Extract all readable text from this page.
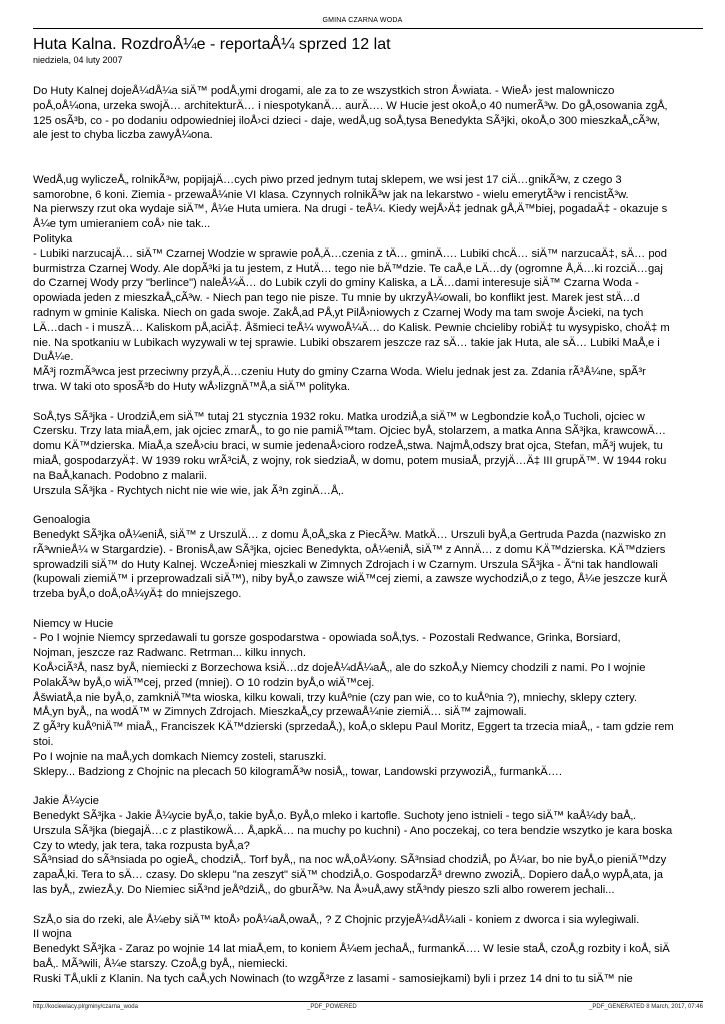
GMINA CZARNA WODA
Huta Kalna. RozdroÅ¼e - reportaÅ¼ sprzed 12 lat
niedziela, 04 luty 2007
Do Huty Kalnej dojeÅ¼dÅ¼a siÄ™ podÅ‚ymi drogami, ale za to ze wszystkich stron Å›wiata. - WieÅ› jest malowniczo
poÅ‚oÅ¼ona, urzeka swojÄ… architekturÄ… i niespotykanÄ… aurÄ…. W Hucie jest okoÅ‚o 40 numerÃ³w. Do gÅ‚osowania zgÅ‚
125 osÃ³b, co - po dodaniu odpowiedniej iloÅ›ci dzieci - daje, wedÅ‚ug soÅ‚tysa Benedykta SÃ³jki, okoÅ‚o 300 mieszkaÅ„cÃ³w,
ale jest to chyba liczba zawyÅ¼ona.
WedÅ‚ug wyliczeÅ„ rolnikÃ³w, popijajÄ…cych piwo przed jednym tutaj sklepem, we wsi jest 17 ciÄ…gnikÃ³w, z czego 3
samorobne, 6 koni. Ziemia - przewaÅ¼nie VI klasa. Czynnych rolnikÃ³w jak na lekarstwo - wielu emerytÃ³w i rencistÃ³w.
Na pierwszy rzut oka wydaje siÄ™, Å¼e Huta umiera. Na drugi - teÅ¼. Kiedy wejÅ›Ä‡ jednak gÅ‚Ä™biej, pogadaÄ‡ - okazuje s
Å¼e tym umieraniem coÅ› nie tak...
Polityka
- Lubiki narzucajÄ… siÄ™ Czarnej Wodzie w sprawie poÅ‚Ä…czenia z tÄ… gminÄ…. Lubiki chcÄ… siÄ™ narzucaÄ‡, sÄ… pod
burmistrza Czarnej Wody. Ale dopÃ³ki ja tu jestem, z HutÄ… tego nie bÄ™dzie. Te caÅ‚e LÄ…dy (ogromne Å‚Ä…ki rozciÄ…gaj
do Czarnej Wody przy "berlince") naleÅ¼Ä… do Lubik czyli do gminy Kaliska, a LÄ…dami interesuje siÄ™ Czarna Woda -
opowiada jeden z mieszkaÅ„cÃ³w. - Niech pan tego nie pisze. Tu mnie by ukrzyÅ¼owali, bo konflikt jest. Marek jest stÄ…d
radnym w gminie Kaliska. Niech on gada swoje. ZakÅ‚ad PÅ‚yt PilÅ›niowych z Czarnej Wody ma tam swoje Å›cieki, na tych
LÄ…dach - i muszÄ… Kaliskom pÅ‚aciÄ‡. Åšmieci teÅ¼ wywoÅ¼Ä… do Kalisk. Pewnie chcieliby robiÄ‡ tu wysypisko, choÄ‡ m
nie. Na spotkaniu w Lubikach wyzywali w tej sprawie. Lubiki obszarem jeszcze raz sÄ… takie jak Huta, ale sÄ… Lubiki MaÅ‚e i
DuÅ¼e.
MÃ³j rozmÃ³wca jest przeciwny przyÅ‚Ä…czeniu Huty do gminy Czarna Woda. Wielu jednak jest za. Zdania rÃ³Å¼ne, spÃ³r
trwa. W taki oto sposÃ³b do Huty wÅ›lizgnÄ™Å‚a siÄ™ polityka.
SoÅ‚tys SÃ³jka - UrodziÅ‚em siÄ™ tutaj 21 stycznia 1932 roku. Matka urodziÅ‚a siÄ™ w Legbondzie koÅ‚o Tucholi, ojciec w
Czersku. Trzy lata miaÅ‚em, jak ojciec zmarÅ‚, to go nie pamiÄ™tam. Ojciec byÅ‚ stolarzem, a matka Anna SÃ³jka, krawcowÄ…
domu KÄ™dzierska. MiaÅ‚a szeÅ›ciu braci, w sumie jedenaÅ›cioro rodzeÅ„stwa. NajmÅ‚odszy brat ojca, Stefan, mÃ³j wujek, tu
miaÅ‚ gospodarzyÄ‡. W 1939 roku wrÃ³ciÅ‚ z wojny, rok siedziaÅ‚ w domu, potem musiaÅ‚ przyjÄ…Ä‡ III grupÄ™. W 1944 roku
na BaÅ‚kanach. Podobno z malarii.
Urszula SÃ³jka - Rychtych nicht nie wie wie, jak Ã³n zginÄ…Å‚.
Genoalogia
Benedykt SÃ³jka oÅ¼eniÅ‚ siÄ™ z UrszulÄ… z domu Å‚oÅ„ska z PiecÃ³w. MatkÄ… Urszuli byÅ‚a Gertruda Pazda (nazwisko zn
rÃ³wnieÅ¼ w Stargardzie). - BronisÅ‚aw SÃ³jka, ojciec Benedykta, oÅ¼eniÅ‚ siÄ™ z AnnÄ… z domu KÄ™dzierska. KÄ™dziers
sprowadzili siÄ™ do Huty Kalnej. WczeÅ›niej mieszkali w Zimnych Zdrojach i w Czarnym. Urszula SÃ³jka - Ã“ni tak handlowali
(kupowali ziemiÄ™ i przeprowadzali siÄ™), niby byÅ‚o zawsze wiÄ™cej ziemi, a zawsze wychodziÅ‚o z tego, Å¼e jeszcze kurÄ
trzeba byÅ‚o doÅ‚oÅ¼yÄ‡ do mniejszego.
Niemcy w Hucie
- Po I wojnie Niemcy sprzedawali tu gorsze gospodarstwa - opowiada soÅ‚tys. - Pozostali Redwance, Grinka, Borsiard,
Nojman, jeszcze raz Radwanc. Retrman... kilku innych.
KoÅ›ciÃ³Å‚ nasz byÅ‚ niemiecki z Borzechowa ksiÄ…dz dojeÅ¼dÅ¼aÅ‚, ale do szkoÅ‚y Niemcy chodzili z nami. Po I wojnie
PolakÃ³w byÅ‚o wiÄ™cej, przed (mniej). O 10 rodzin byÅ‚o wiÄ™cej.
ÅšwiatÅ‚a nie byÅ‚o, zamkniÄ™ta wioska, kilku kowali, trzy kuÅºnie (czy pan wie, co to kuÅºnia ?), mniechy, sklepy cztery.
MÅ‚yn byÅ‚, na wodÄ™ w Zimnych Zdrojach. MieszkaÅ„cy przewaÅ¼nie ziemiÄ… siÄ™ zajmowali.
Z gÃ³ry kuÅºniÄ™ miaÅ‚, Franciszek KÄ™dzierski (sprzedaÅ‚), koÅ‚o sklepu Paul Moritz, Eggert ta trzecia miaÅ‚, - tam gdzie rem
stoi.
Po I wojnie na maÅ‚ych domkach Niemcy zosteli, staruszki.
Sklepy... Badziong z Chojnic na plecach 50 kilogramÃ³w nosiÅ‚, towar, Landowski przywoziÅ‚, furmankÄ….
Jakie Å¼ycie
Benedykt SÃ³jka - Jakie Å¼ycie byÅ‚o, takie byÅ‚o. ByÅ‚o mleko i kartofle. Suchoty jeno istnieli - tego siÄ™ kaÅ¼dy baÅ‚.
Urszula SÃ³jka (biegajÄ…c z plastikowÄ… Å‚apkÄ… na muchy po kuchni) - Ano poczekaj, co tera bendzie wszytko je kara boska
Czy to wtedy, jak tera, taka rozpusta byÅ‚a?
SÃ³nsiad do sÃ³nsiada po ogieÅ„ chodziÅ‚. Torf byÅ‚, na noc wÅ‚oÅ¼ony. SÃ³nsiad chodziÅ‚ po Å¼ar, bo nie byÅ‚o pieniÄ™dzy
zapaÅ‚ki. Tera to sÄ… czasy. Do sklepu "na zeszyt" siÄ™ chodziÅ‚o. GospodarzÃ³ drewno zwoziÅ‚. Dopiero daÅ‚o wypÅ‚ata, ja
las byÅ‚, zwiezÅ‚y. Do Niemiec siÃ³nd jeÅºdziÅ‚, do gburÃ³w. Na Å»uÅ‚awy stÃ³ndy pieszo szli albo rowerem jechali...
SzÅ‚o sia do rzeki, ale Å¼eby siÄ™ ktoÅ› poÅ¼aÅ‚owaÅ‚, ? Z Chojnic przyjeÅ¼dÅ¼ali - koniem z dworca i sia wylegiwali.
II wojna
Benedykt SÃ³jka - Zaraz po wojnie 14 lat miaÅ‚em, to koniem Å¼em jechaÅ‚, furmankÄ…. W lesie staÅ‚ czoÅ‚g rozbity i koÅ‚ siÄ
baÅ‚. MÃ³wili, Å¼e starszy. CzoÅ‚g byÅ‚, niemiecki.
Ruski TÅ‚ukli z Klanin. Na tych caÅ‚ych Nowinach (to wzgÃ³rze z lasami - samosiejkami) byli i przez 14 dni to tu siÄ™ nie
http://kociewiacy.pl/gminy/czarna_woda	_PDF_POWERED	_PDF_GENERATED 8 March, 2017, 07:46
